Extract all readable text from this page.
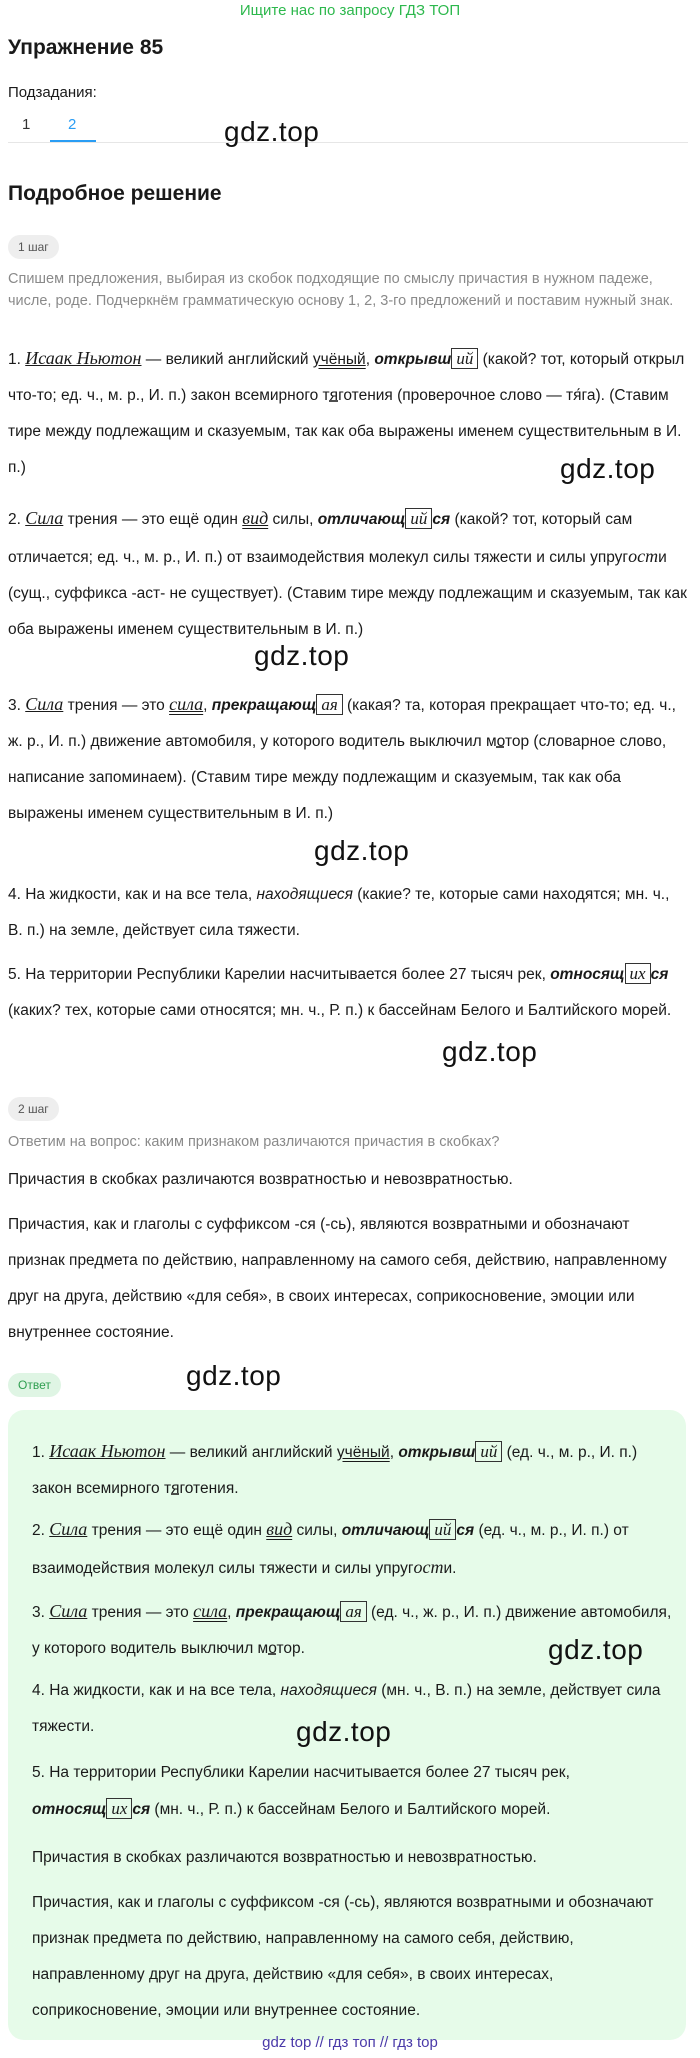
Ищите нас по запросу ГДЗ ТОП
Упражнение 85
Подзадания:
1	2	gdz.top
Подробное решение
1 шаг
Спишем предложения, выбирая из скобок подходящие по смыслу причастия в нужном падеже, числе, роде. Подчеркнём грамматическую основу 1, 2, 3-го предложений и поставим нужный знак.
1. Исаак Ньютон — великий английский учёный, открывш ий (какой? тот, который открыл что-то; ед. ч., м. р., И. п.) закон всемирного тяготения (проверочное слово — тя́га). (Ставим тире между подлежащим и сказуемым, так как оба выражены именем существительным в И. п.)	gdz.top
2. Сила трения — это ещё один вид силы, отличающ ий ся (какой? тот, который сам отличается; ед. ч., м. р., И. п.) от взаимодействия молекул силы тяжести и силы упругости (сущ., суффикса -аст- не существует). (Ставим тире между подлежащим и сказуемым, так как оба выражены именем существительным в И. п.)
gdz.top
3. Сила трения — это сила, прекращающ ая (какая? та, которая прекращает что-то; ед. ч., ж. р., И. п.) движение автомобиля, у которого водитель выключил мотор (словарное слово, написание запоминаем). (Ставим тире между подлежащим и сказуемым, так как оба выражены именем существительным в И. п.)
gdz.top
4. На жидкости, как и на все тела, находящиеся (какие? те, которые сами находятся; мн. ч., В. п.) на земле, действует сила тяжести.
5. На территории Республики Карелии насчитывается более 27 тысяч рек, относящ их ся (каких? тех, которые сами относятся; мн. ч., Р. п.) к бассейнам Белого и Балтийского морей.
gdz.top
2 шаг
Ответим на вопрос: каким признаком различаются причастия в скобках?
Причастия в скобках различаются возвратностью и невозвратностью.
Причастия, как и глаголы с суффиксом -ся (-сь), являются возвратными и обозначают признак предмета по действию, направленному на самого себя, действию, направленному друг на друга, действию «для себя», в своих интересах, соприкосновение, эмоции или внутреннее состояние.
Ответ	gdz.top
1. Исаак Ньютон — великий английский учёный, открывш ий (ед. ч., м. р., И. п.) закон всемирного тяготения.
2. Сила трения — это ещё один вид силы, отличающ ий ся (ед. ч., м. р., И. п.) от взаимодействия молекул силы тяжести и силы упругости.
3. Сила трения — это сила, прекращающ ая (ед. ч., ж. р., И. п.) движение автомобиля, у которого водитель выключил мотор.	gdz.top
4. На жидкости, как и на все тела, находящиеся (мн. ч., В. п.) на земле, действует сила тяжести.	gdz.top
5. На территории Республики Карелии насчитывается более 27 тысяч рек, относящ их ся (мн. ч., Р. п.) к бассейнам Белого и Балтийского морей.
Причастия в скобках различаются возвратностью и невозвратностью.
Причастия, как и глаголы с суффиксом -ся (-сь), являются возвратными и обозначают признак предмета по действию, направленному на самого себя, действию, направленному друг на друга, действию «для себя», в своих интересах, соприкосновение, эмоции или внутреннее состояние.
gdz top // гдз топ // гдз top
